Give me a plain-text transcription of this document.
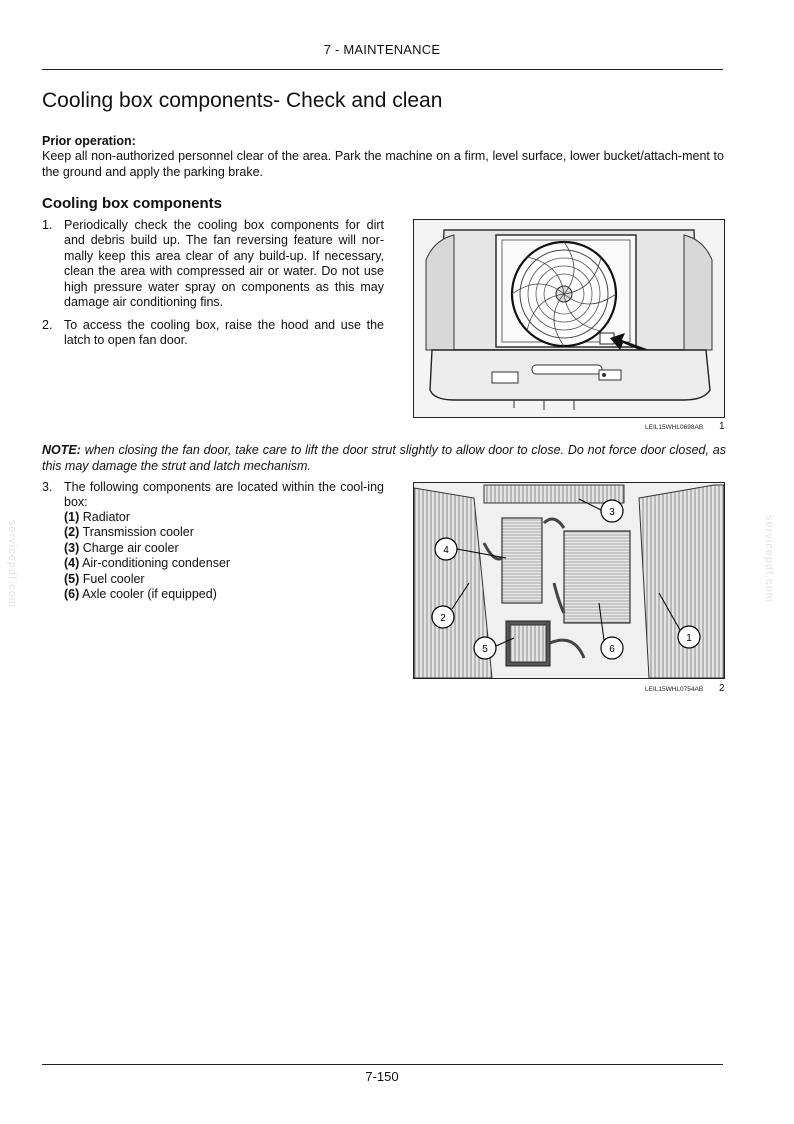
7 - MAINTENANCE
Cooling box components- Check and clean
Prior operation:
Keep all non-authorized personnel clear of the area. Park the machine on a firm, level surface, lower bucket/attach-ment to the ground and apply the parking brake.
Cooling box components
1. Periodically check the cooling box components for dirt and debris build up. The fan reversing feature will nor-mally keep this area clear of any build-up. If necessary, clean the area with compressed air or water. Do not use high pressure water spray on components as this may damage air conditioning fins.
2. To access the cooling box, raise the hood and use the latch to open fan door.
LEIL15WHL0698AB 1
NOTE: when closing the fan door, take care to lift the door strut slightly to allow door to close. Do not force door closed, as this may damage the strut and latch mechanism.
3. The following components are located within the cool-ing box:
(1) Radiator
(2) Transmission cooler
(3) Charge air cooler
(4) Air-conditioning condenser
(5) Fuel cooler
(6) Axle cooler (if equipped)
3
4
2
5	6
1
LEIL15WHL0754AB 2
servicepdf.com	servicepdf.com
7-150
